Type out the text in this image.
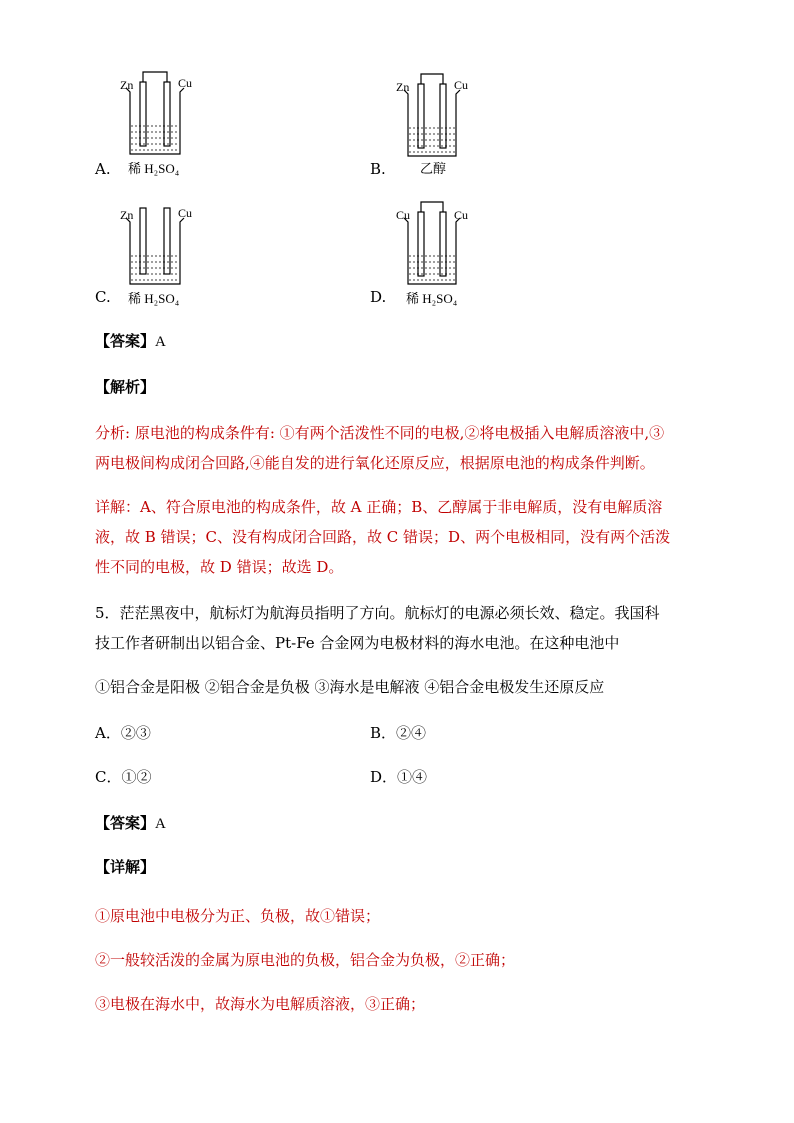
A.
Zn	Cu
稀 H₂SO₄	B.
Zn	Cu
乙醇
C.
Zn	Cu
稀 H₂SO₄	D.
Cu	Cu
稀 H₂SO₄
【答案】A
【解析】
分析: 原电池的构成条件有: ①有两个活泼性不同的电极,②将电极插入电解质溶液中,③
两电极间构成闭合回路,④能自发的进行氧化还原反应，根据原电池的构成条件判断。
详解：A、符合原电池的构成条件，故 A 正确；B、乙醇属于非电解质，没有电解质溶
液，故 B 错误；C、没有构成闭合回路，故 C 错误；D、两个电极相同，没有两个活泼
性不同的电极，故 D 错误；故选 D。
5．茫茫黑夜中，航标灯为航海员指明了方向。航标灯的电源必须长效、稳定。我国科
技工作者研制出以铝合金、Pt-Fe 合金网为电极材料的海水电池。在这种电池中
①铝合金是阳极 ②铝合金是负极 ③海水是电解液 ④铝合金电极发生还原反应
A．②③	B．②④
C．①②	D．①④
【答案】A
【详解】
①原电池中电极分为正、负极，故①错误；
②一般较活泼的金属为原电池的负极，铝合金为负极，②正确；
③电极在海水中，故海水为电解质溶液，③正确；
